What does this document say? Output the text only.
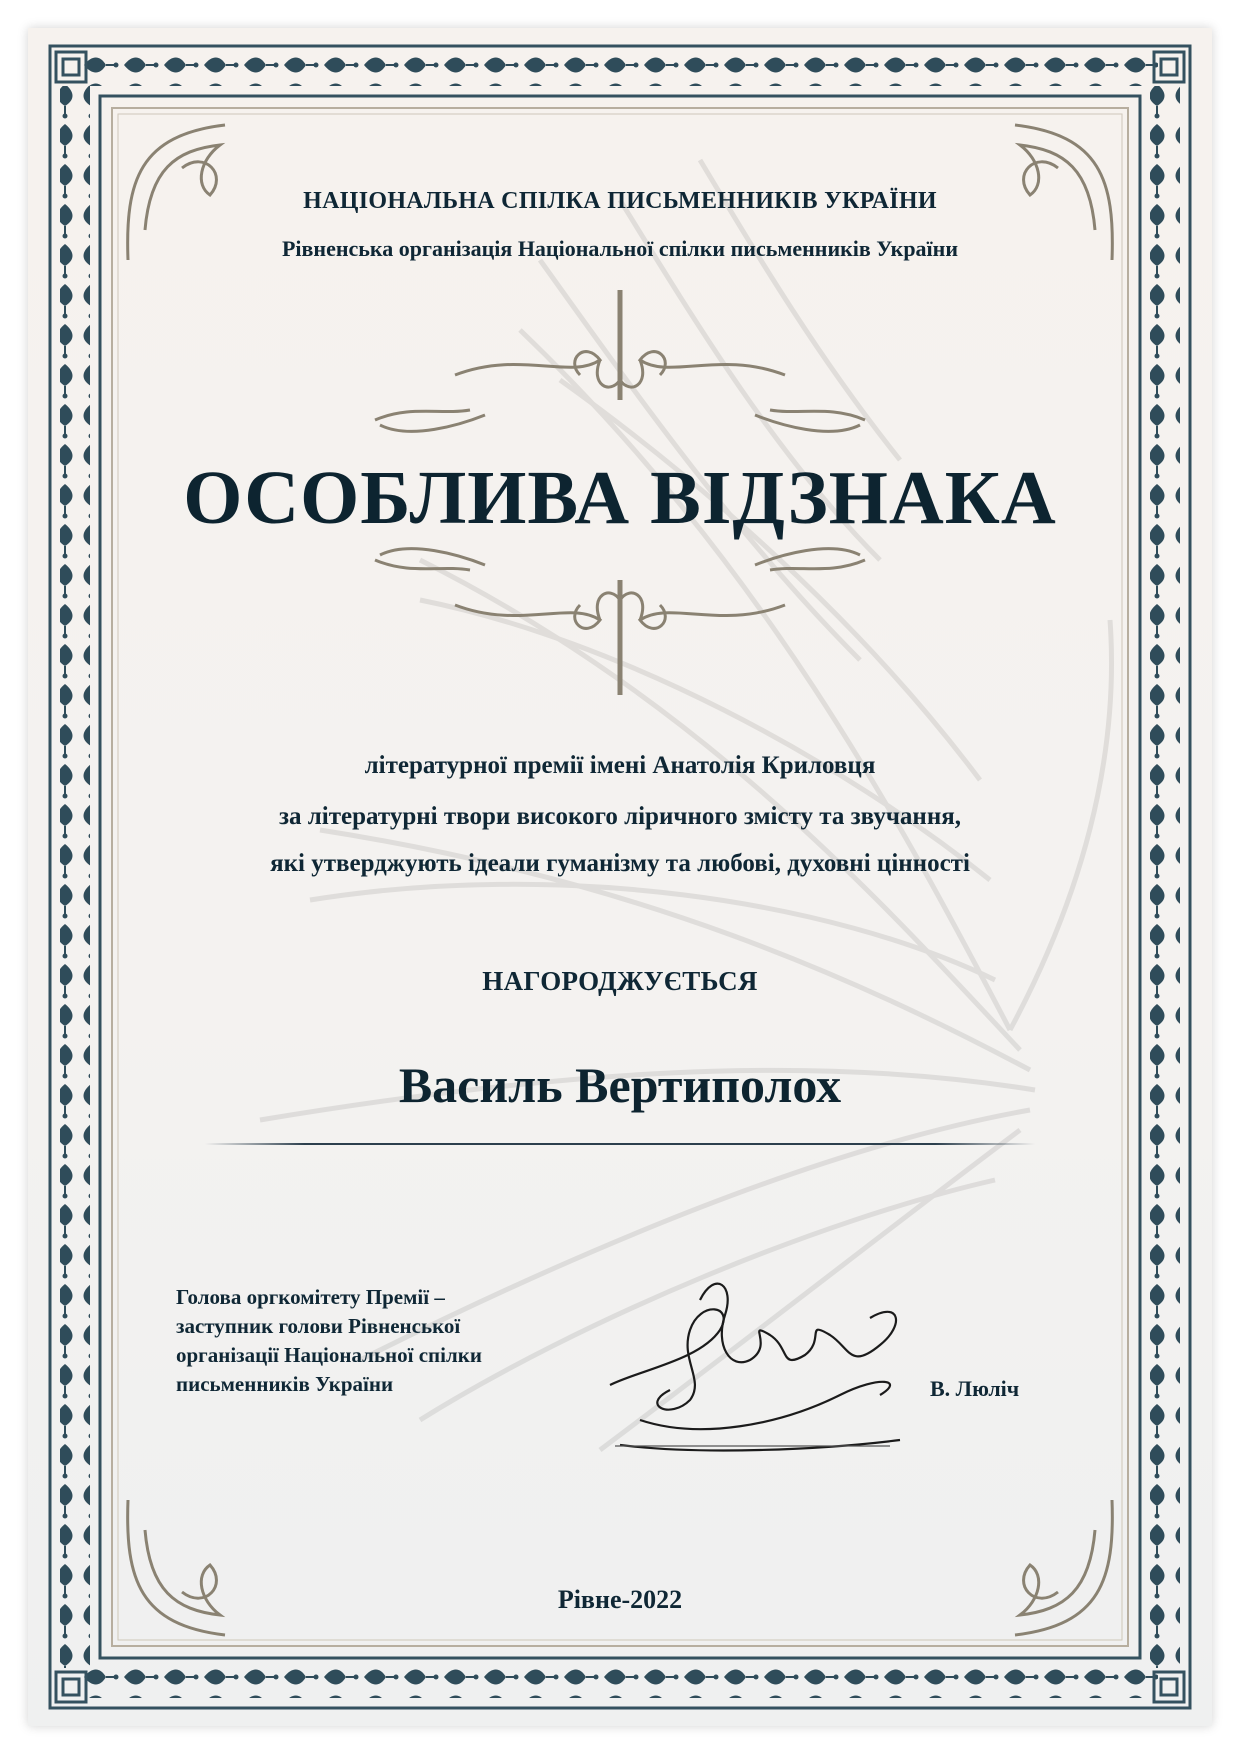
НАЦІОНАЛЬНА СПІЛКА ПИСЬМЕННИКІВ УКРАЇНИ
Рівненська організація Національної спілки письменників України
ОСОБЛИВА ВІДЗНАКА
літературної премії імені Анатолія Криловця
за літературні твори високого ліричного змісту та звучання,
які утверджують ідеали гуманізму та любові, духовні цінності
НАГОРОДЖУЄТЬСЯ
Василь Вертиполох
Голова оргкомітету Премії –
заступник голови Рівненської
організації Національної спілки
письменників України	В. Люліч
Рівне-2022
